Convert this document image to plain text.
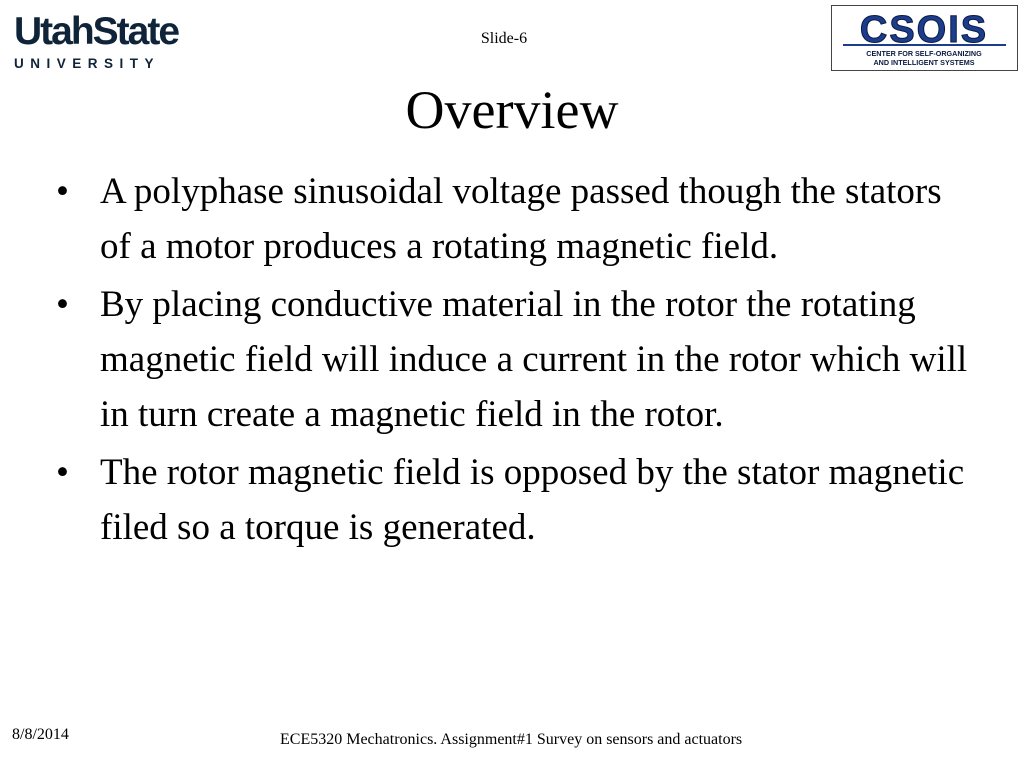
UtahState
UNIVERSITY
Slide-6	CSOIS
CENTER FOR SELF-ORGANIZING
AND INTELLIGENT SYSTEMS
Overview
• A polyphase sinusoidal voltage passed though the stators of a motor produces a rotating magnetic field.
• By placing conductive material in the rotor the rotating magnetic field will induce a current in the rotor which will in turn create a magnetic field in the rotor.
• The rotor magnetic field is opposed by the stator magnetic filed so a torque is generated.
8/8/2014	ECE5320 Mechatronics. Assignment#1 Survey on sensors and actuators
